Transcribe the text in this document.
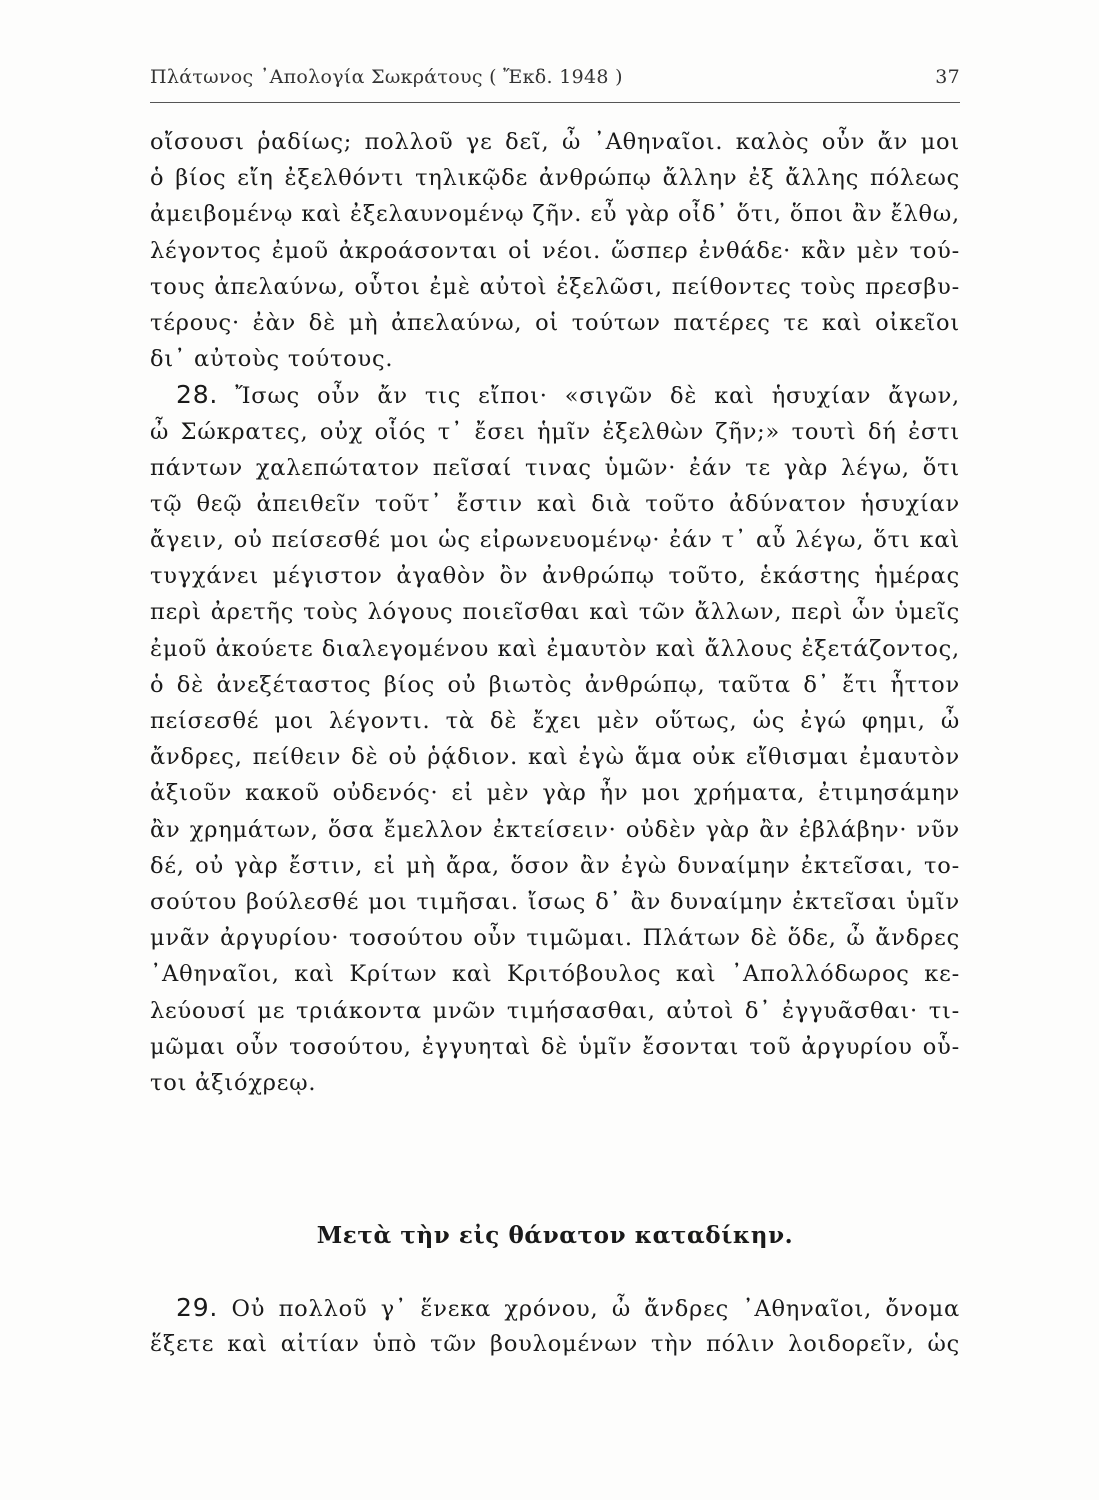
Πλάτωνος ᾽Απολογία Σωκράτους ( Ἔκδ. 1948 )	37
οἴσουσι ῥαδίως; πολλοῦ γε δεῖ, ὦ ᾽Αθηναῖοι. καλὸς οὖν ἄν μοι
ὁ βίος εἴη ἐξελθόντι τηλικῷδε ἀνθρώπῳ ἄλλην ἐξ ἄλλης πόλεως
ἀμειβομένῳ καὶ ἐξελαυνομένῳ ζῆν. εὖ γὰρ οἶδ᾽ ὅτι, ὅποι ἂν ἔλθω,
λέγοντος ἐμοῦ ἀκροάσονται οἱ νέοι. ὥσπερ ἐνθάδε· κἂν μὲν τού-
τους ἀπελαύνω, οὗτοι ἐμὲ αὐτοὶ ἐξελῶσι, πείθοντες τοὺς πρεσβυ-
τέρους· ἐὰν δὲ μὴ ἀπελαύνω, οἱ τούτων πατέρες τε καὶ οἰκεῖοι
δι᾽ αὐτοὺς τούτους.
28. Ἴσως οὖν ἄν τις εἴποι· «σιγῶν δὲ καὶ ἡσυχίαν ἄγων,
ὦ Σώκρατες, οὐχ οἷός τ᾽ ἔσει ἡμῖν ἐξελθὼν ζῆν;» τουτὶ δή ἐστι
πάντων χαλεπώτατον πεῖσαί τινας ὑμῶν· ἐάν τε γὰρ λέγω, ὅτι
τῷ θεῷ ἀπειθεῖν τοῦτ᾽ ἔστιν καὶ διὰ τοῦτο ἀδύνατον ἡσυχίαν
ἄγειν, οὐ πείσεσθέ μοι ὡς εἰρωνευομένῳ· ἐάν τ᾽ αὖ λέγω, ὅτι καὶ
τυγχάνει μέγιστον ἀγαθὸν ὂν ἀνθρώπῳ τοῦτο, ἑκάστης ἡμέρας
περὶ ἀρετῆς τοὺς λόγους ποιεῖσθαι καὶ τῶν ἄλλων, περὶ ὧν ὑμεῖς
ἐμοῦ ἀκούετε διαλεγομένου καὶ ἐμαυτὸν καὶ ἄλλους ἐξετάζοντος,
ὁ δὲ ἀνεξέταστος βίος οὐ βιωτὸς ἀνθρώπῳ, ταῦτα δ᾽ ἔτι ἧττον
πείσεσθέ μοι λέγοντι. τὰ δὲ ἔχει μὲν οὕτως, ὡς ἐγώ φημι, ὦ
ἄνδρες, πείθειν δὲ οὐ ῥᾴδιον. καὶ ἐγὼ ἅμα οὐκ εἴθισμαι ἐμαυτὸν
ἀξιοῦν κακοῦ οὐδενός· εἰ μὲν γὰρ ἦν μοι χρήματα, ἐτιμησάμην
ἂν χρημάτων, ὅσα ἔμελλον ἐκτείσειν· οὐδὲν γὰρ ἂν ἐβλάβην· νῦν
δέ, οὐ γὰρ ἔστιν, εἰ μὴ ἄρα, ὅσον ἂν ἐγὼ δυναίμην ἐκτεῖσαι, το-
σούτου βούλεσθέ μοι τιμῆσαι. ἴσως δ᾽ ἂν δυναίμην ἐκτεῖσαι ὑμῖν
μνᾶν ἀργυρίου· τοσούτου οὖν τιμῶμαι. Πλάτων δὲ ὅδε, ὦ ἄνδρες
᾽Αθηναῖοι, καὶ Κρίτων καὶ Κριτόβουλος καὶ ᾽Απολλόδωρος κε-
λεύουσί με τριάκοντα μνῶν τιμήσασθαι, αὐτοὶ δ᾽ ἐγγυᾶσθαι· τι-
μῶμαι οὖν τοσούτου, ἐγγυηταὶ δὲ ὑμῖν ἔσονται τοῦ ἀργυρίου οὗ-
τοι ἀξιόχρεῳ.
Μετὰ τὴν εἰς θάνατον καταδίκην.
29. Οὐ πολλοῦ γ᾽ ἕνεκα χρόνου, ὦ ἄνδρες ᾽Αθηναῖοι, ὄνομα
ἕξετε καὶ αἰτίαν ὑπὸ τῶν βουλομένων τὴν πόλιν λοιδορεῖν, ὡς
